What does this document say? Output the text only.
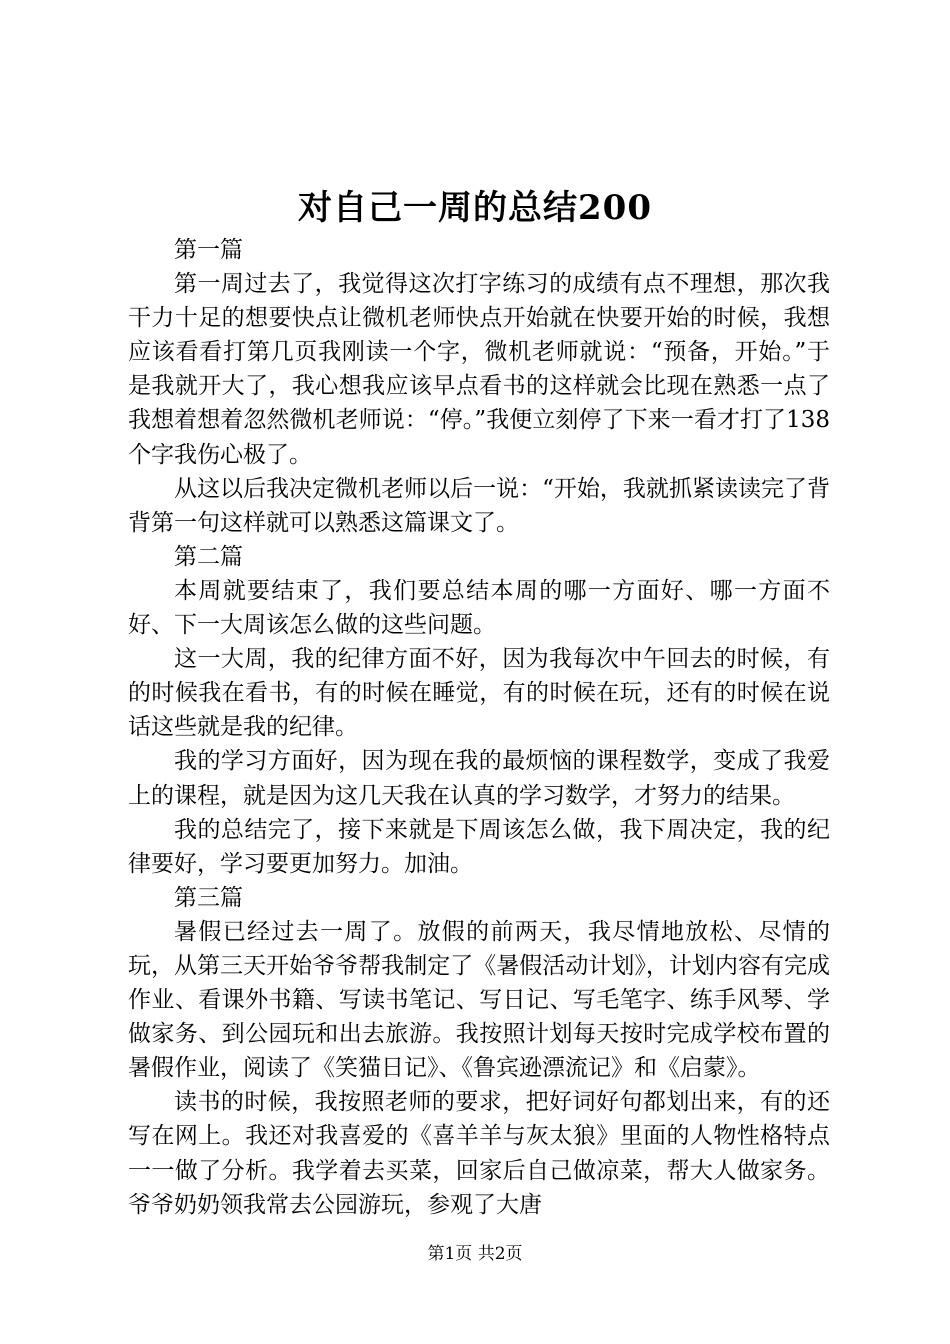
对自己一周的总结200

第一篇

第一周过去了，我觉得这次打字练习的成绩有点不理想，那次我干力十足的想要快点让微机老师快点开始就在快要开始的时候，我想应该看看打第几页我刚读一个字，微机老师就说：“预备，开始。”于是我就开大了，我心想我应该早点看书的这样就会比现在熟悉一点了我想着想着忽然微机老师说：“停。”我便立刻停了下来一看才打了138个字我伤心极了。

从这以后我决定微机老师以后一说：“开始，我就抓紧读读完了背背第一句这样就可以熟悉这篇课文了。

第二篇

本周就要结束了，我们要总结本周的哪一方面好、哪一方面不好、下一大周该怎么做的这些问题。

这一大周，我的纪律方面不好，因为我每次中午回去的时候，有的时候我在看书，有的时候在睡觉，有的时候在玩，还有的时候在说话这些就是我的纪律。

我的学习方面好，因为现在我的最烦恼的课程数学，变成了我爱上的课程，就是因为这几天我在认真的学习数学，才努力的结果。

我的总结完了，接下来就是下周该怎么做，我下周决定，我的纪律要好，学习要更加努力。加油。

第三篇

暑假已经过去一周了。放假的前两天，我尽情地放松、尽情的玩，从第三天开始爷爷帮我制定了《暑假活动计划》，计划内容有完成作业、看课外书籍、写读书笔记、写日记、写毛笔字、练手风琴、学做家务、到公园玩和出去旅游。我按照计划每天按时完成学校布置的暑假作业，阅读了《笑猫日记》、《鲁宾逊漂流记》和《启蒙》。

读书的时候，我按照老师的要求，把好词好句都划出来，有的还写在网上。我还对我喜爱的《喜羊羊与灰太狼》里面的人物性格特点一一做了分析。我学着去买菜，回家后自己做凉菜，帮大人做家务。爷爷奶奶领我常去公园游玩，参观了大唐

第1页 共2页
